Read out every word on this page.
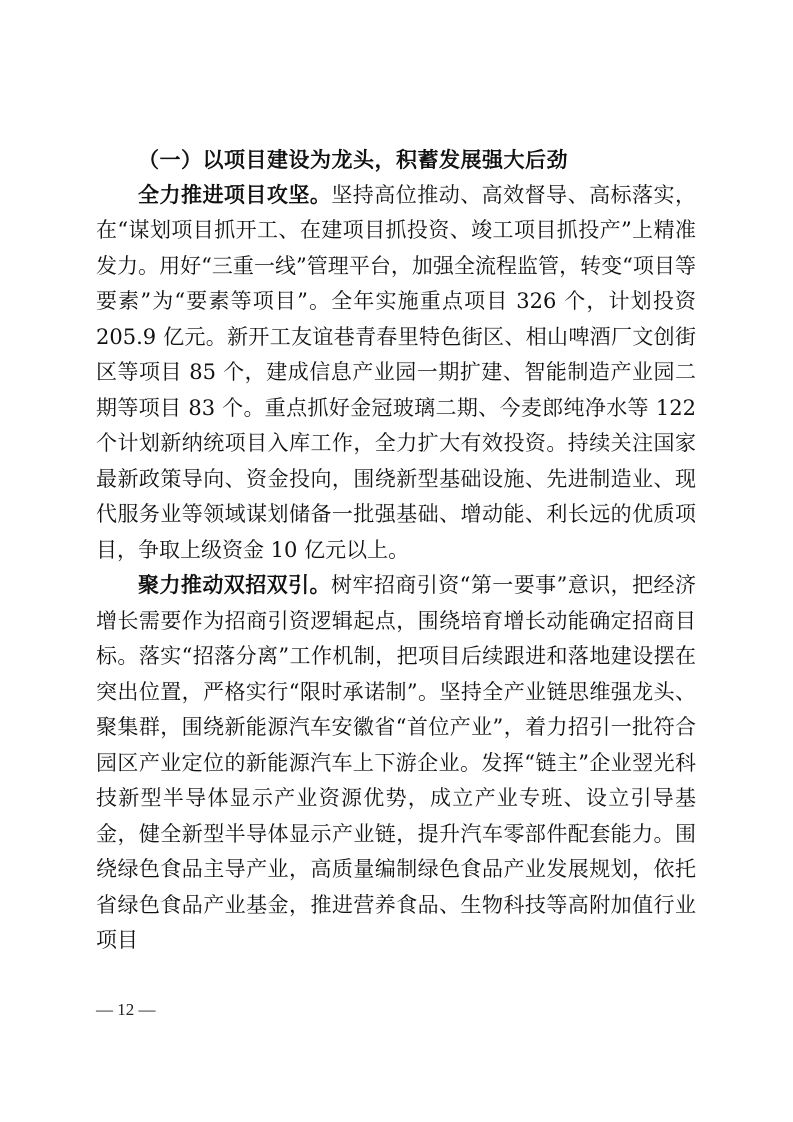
（一）以项目建设为龙头，积蓄发展强大后劲

全力推进项目攻坚。坚持高位推动、高效督导、高标落实，在“谋划项目抓开工、在建项目抓投资、竣工项目抓投产”上精准发力。用好“三重一线”管理平台，加强全流程监管，转变“项目等要素”为“要素等项目”。全年实施重点项目 326 个，计划投资 205.9 亿元。新开工友谊巷青春里特色街区、相山啤酒厂文创街区等项目 85 个，建成信息产业园一期扩建、智能制造产业园二期等项目 83 个。重点抓好金冠玻璃二期、今麦郎纯净水等 122 个计划新纳统项目入库工作，全力扩大有效投资。持续关注国家最新政策导向、资金投向，围绕新型基础设施、先进制造业、现代服务业等领域谋划储备一批强基础、增动能、利长远的优质项目，争取上级资金 10 亿元以上。

聚力推动双招双引。树牢招商引资“第一要事”意识，把经济增长需要作为招商引资逻辑起点，围绕培育增长动能确定招商目标。落实“招落分离”工作机制，把项目后续跟进和落地建设摆在突出位置，严格实行“限时承诺制”。坚持全产业链思维强龙头、聚集群，围绕新能源汽车安徽省“首位产业”，着力招引一批符合园区产业定位的新能源汽车上下游企业。发挥“链主”企业翌光科技新型半导体显示产业资源优势，成立产业专班、设立引导基金，健全新型半导体显示产业链，提升汽车零部件配套能力。围绕绿色食品主导产业，高质量编制绿色食品产业发展规划，依托省绿色食品产业基金，推进营养食品、生物科技等高附加值行业项目

— 12 —
